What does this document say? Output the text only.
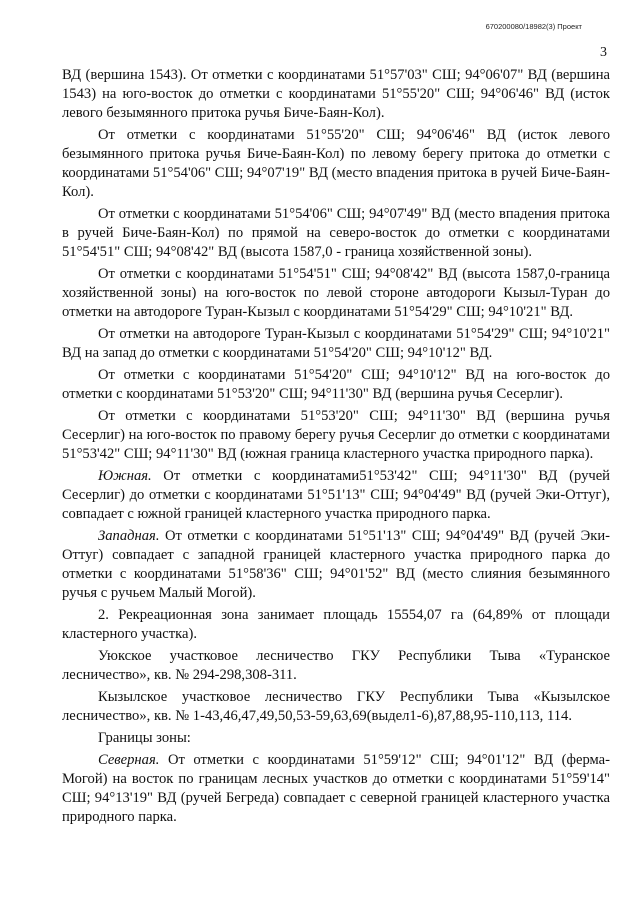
670200080/18982(3) Проект
3

ВД (вершина 1543). От отметки с координатами 51°57'03" СШ; 94°06'07" ВД (вершина 1543) на юго-восток до отметки с координатами 51°55'20" СШ; 94°06'46" ВД (исток левого безымянного притока ручья Биче-Баян-Кол).

От отметки с координатами 51°55'20" СШ; 94°06'46" ВД (исток левого безымянного притока ручья Биче-Баян-Кол) по левому берегу притока до отметки с координатами 51°54'06" СШ; 94°07'19" ВД (место впадения притока в ручей Биче-Баян-Кол).

От отметки с координатами 51°54'06" СШ; 94°07'49" ВД (место впадения притока в ручей Биче-Баян-Кол) по прямой на северо-восток до отметки с координатами 51°54'51" СШ; 94°08'42" ВД (высота 1587,0 - граница хозяйственной зоны).

От отметки с координатами 51°54'51" СШ; 94°08'42" ВД (высота 1587,0-граница хозяйственной зоны) на юго-восток по левой стороне автодороги Кызыл-Туран до отметки на автодороге Туран-Кызыл с координатами 51°54'29" СШ; 94°10'21" ВД.

От отметки на автодороге Туран-Кызыл с координатами 51°54'29" СШ; 94°10'21" ВД на запад до отметки с координатами 51°54'20" СШ; 94°10'12" ВД.

От отметки с координатами 51°54'20" СШ; 94°10'12" ВД на юго-восток до отметки с координатами 51°53'20" СШ; 94°11'30" ВД (вершина ручья Сесерлиг).

От отметки с координатами 51°53'20" СШ; 94°11'30" ВД (вершина ручья Сесерлиг) на юго-восток по правому берегу ручья Сесерлиг до отметки с координатами 51°53'42" СШ; 94°11'30" ВД (южная граница кластерного участка природного парка).

Южная. От отметки с координатами51°53'42" СШ; 94°11'30" ВД (ручей Сесерлиг) до отметки с координатами 51°51'13" СШ; 94°04'49" ВД (ручей Эки-Оттуг), совпадает с южной границей кластерного участка природного парка.

Западная. От отметки с координатами 51°51'13" СШ; 94°04'49" ВД (ручей Эки-Оттуг) совпадает с западной границей кластерного участка природного парка до отметки с координатами 51°58'36" СШ; 94°01'52" ВД (место слияния безымянного ручья с ручьем Малый Могой).

2. Рекреационная зона занимает площадь 15554,07 га (64,89% от площади кластерного участка).

Уюкское участковое лесничество ГКУ Республики Тыва «Туранское лесничество», кв. № 294-298,308-311.

Кызылское участковое лесничество ГКУ Республики Тыва «Кызылское лесничество», кв. № 1-43,46,47,49,50,53-59,63,69(выдел1-6),87,88,95-110,113, 114.

Границы зоны:

Северная. От отметки с координатами 51°59'12" СШ; 94°01'12" ВД (ферма-Могой) на восток по границам лесных участков до отметки с координатами 51°59'14" СШ; 94°13'19" ВД (ручей Бегреда) совпадает с северной границей кластерного участка природного парка.
